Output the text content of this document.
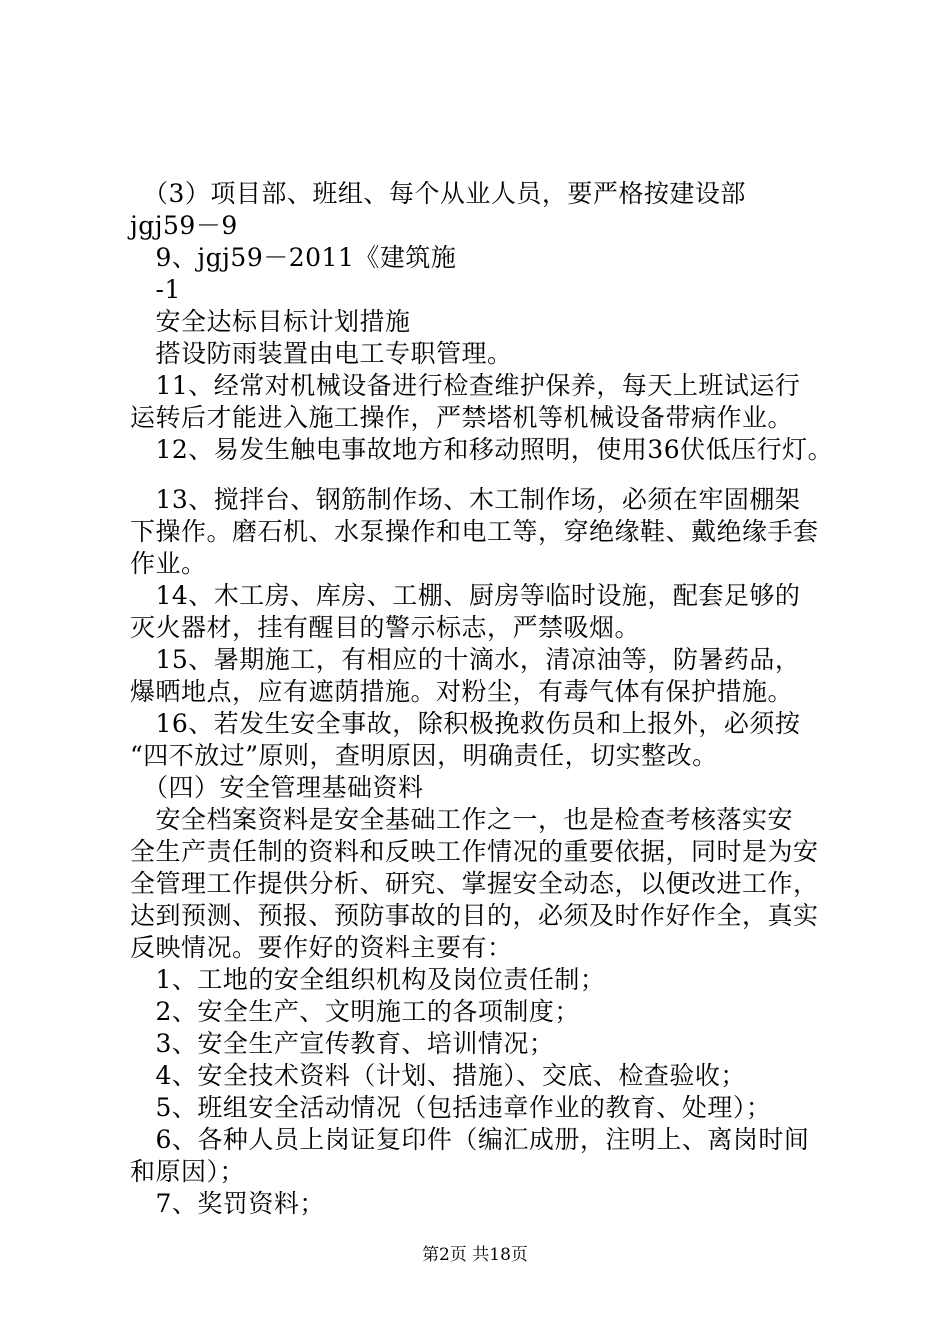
　（3）项目部、班组、每个从业人员，要严格按建设部
jgj59－9
　9、jgj59－2011《建筑施
　-1
　安全达标目标计划措施
　搭设防雨装置由电工专职管理。
　11、经常对机械设备进行检查维护保养，每天上班试运行
运转后才能进入施工操作，严禁塔机等机械设备带病作业。
　12、易发生触电事故地方和移动照明，使用36伏低压行灯。
　13、搅拌台、钢筋制作场、木工制作场，必须在牢固棚架
下操作。磨石机、水泵操作和电工等，穿绝缘鞋、戴绝缘手套
作业。
　14、木工房、库房、工棚、厨房等临时设施，配套足够的
灭火器材，挂有醒目的警示标志，严禁吸烟。
　15、暑期施工，有相应的十滴水，清凉油等，防暑药品，
爆晒地点，应有遮荫措施。对粉尘，有毒气体有保护措施。
　16、若发生安全事故，除积极挽救伤员和上报外，必须按
“四不放过”原则，查明原因，明确责任，切实整改。
　（四）安全管理基础资料
　安全档案资料是安全基础工作之一，也是检查考核落实安
全生产责任制的资料和反映工作情况的重要依据，同时是为安
全管理工作提供分析、研究、掌握安全动态，以便改进工作，
达到预测、预报、预防事故的目的，必须及时作好作全，真实
反映情况。要作好的资料主要有：
　1、工地的安全组织机构及岗位责任制；
　2、安全生产、文明施工的各项制度；
　3、安全生产宣传教育、培训情况；
　4、安全技术资料（计划、措施）、交底、检查验收；
　5、班组安全活动情况（包括违章作业的教育、处理）；
　6、各种人员上岗证复印件（编汇成册，注明上、离岗时间
和原因）；
　7、奖罚资料；
第2页 共18页
